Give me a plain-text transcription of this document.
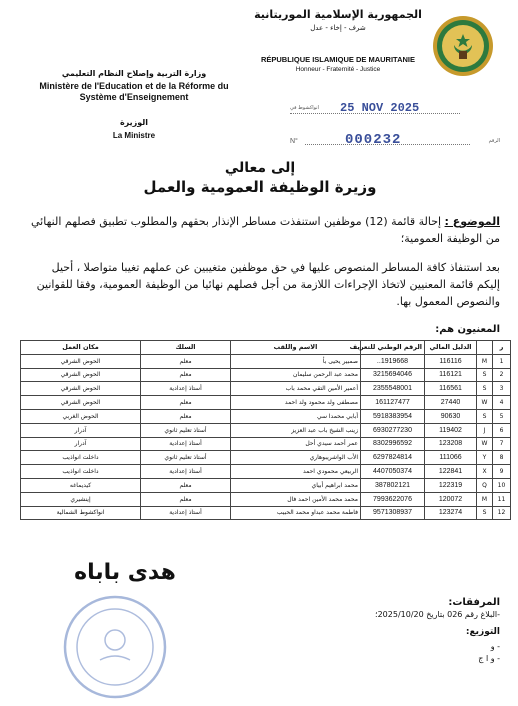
الجمهورية الإسلامية الموريتانية
شرف - إخاء - عدل
RÉPUBLIQUE ISLAMIQUE DE MAURITANIE
Honneur - Fraternité - Justice
وزارة التربية وإصلاح النظام التعليمي
Ministère de l'Education et de la Réforme du Système d'Enseignement
الوزيرة
La Ministre
انواكشوط في 25 NOV 2025
N°	000232	الرقم
إلى معالي
وزيرة الوظيفة العمومية والعمل
الموضوع : إحالة قائمة (12) موظفين استنفذت مساطر الإنذار بحقهم والمطلوب تطبيق فصلهم النهائي من الوظيفة العمومية؛
بعد استنفاذ كافة المساطر المنصوص عليها في حق موظفين متغيبين عن عملهم تغيبا متواصلا ، أحيل إليكم قائمة المعنيين لاتخاذ الإجراءات اللازمة من أجل فصلهم نهائيا من الوظيفة العمومية، وفقا للقوانين والنصوص المعمول بها.
المعنيون هم:
ر		الدليل المالي	الرقم الوطني للتعريف	الاسم واللقب	السلك	مكان العمل
1	M	116116	1919668..	صمبير يحيى بأ	معلم	الحوض الشرقي
2	S	116121	3215694046	محمد عبد الرحمن سليمان	معلم	الحوض الشرقي
3	S	116561	2355548001	أعمير الأمين التقي محمد باب	أستاذ إعدادية	الحوض الشرقي
4	W	27440	161127477	مصطفى ولد محمود ولد احمد	معلم	الحوض الشرقي
5	S	90630	5918383954	أبابي محمدا سي	معلم	الحوض الغربي
6	J	119402	6930277230	زينب الشيخ باب عبد العزيز	أستاذ تعليم ثانوي	آدرار
7	W	123208	8302996592	عمر أحمد سيدي أحل	أستاذ إعدادية	آدرار
8	Y	111066	6297824814	الأب الواشريبوهاري	أستاذ تعليم ثانوي	داخلت انواذيب
9	X	122841	4407050374	الربيعي محمودي احمد	أستاذ إعدادية	داخلت انواذيب
10	Q	122319	387802121	محمد ابراهيم أبياي	معلم	كيديماغه
11	M	120072	7993622076	محمد محمد الأمين احمد فال	معلم	إينشيري
12	S	123274	9571308937	فاطمة محمد عبداو محمد الحبيب	أستاذ إعدادية	انواكشوط الشمالية
هدى باباه
المرفقات:
-البلاغ رقم 026 بتاريخ 2025/10/20؛
التوزيع:
- و
- و ا ج
